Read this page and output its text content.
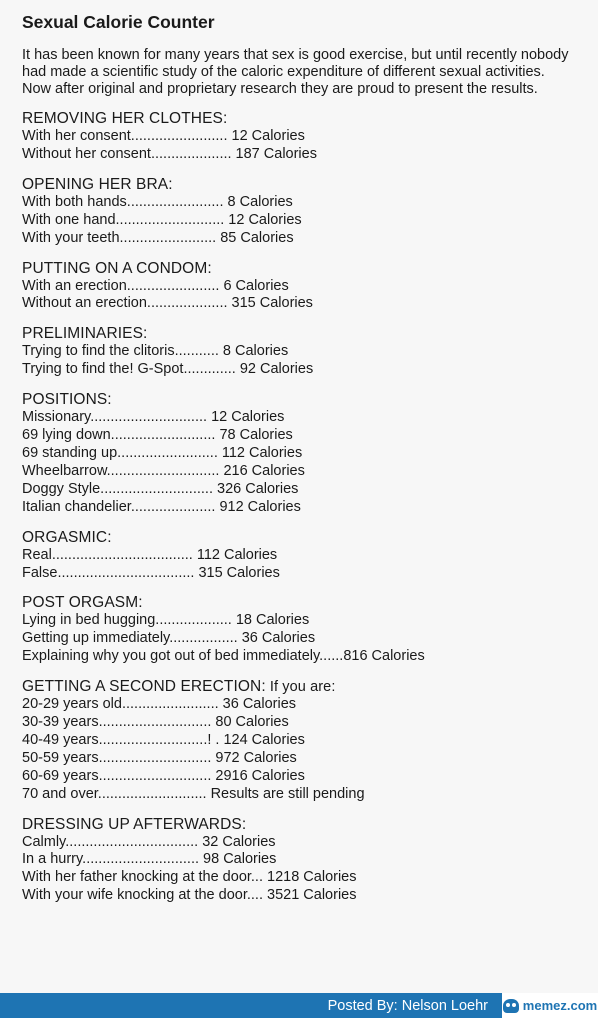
Sexual Calorie Counter
It has been known for many years that sex is good exercise, but until recently nobody had made a scientific study of the caloric expenditure of different sexual activities. Now after original and proprietary research they are proud to present the results.
REMOVING HER CLOTHES:
With her consent........................ 12 Calories
Without her consent.................... 187 Calories
OPENING HER BRA:
With both hands........................ 8 Calories
With one hand........................... 12 Calories
With your teeth........................ 85 Calories
PUTTING ON A CONDOM:
With an erection....................... 6 Calories
Without an erection.................... 315 Calories
PRELIMINARIES:
Trying to find the clitoris........... 8 Calories
Trying to find the! G-Spot............. 92 Calories
POSITIONS:
Missionary............................. 12 Calories
69 lying down.......................... 78 Calories
69 standing up......................... 112 Calories
Wheelbarrow............................ 216 Calories
Doggy Style............................ 326 Calories
Italian chandelier..................... 912 Calories
ORGASMIC:
Real................................... 112 Calories
False.................................. 315 Calories
POST ORGASM:
Lying in bed hugging................... 18 Calories
Getting up immediately................. 36 Calories
Explaining why you got out of bed immediately......816 Calories
GETTING A SECOND ERECTION: If you are:
20-29 years old........................ 36 Calories
30-39 years............................ 80 Calories
40-49 years...........................! . 124 Calories
50-59 years............................ 972 Calories
60-69 years............................ 2916 Calories
70 and over........................... Results are still pending
DRESSING UP AFTERWARDS:
Calmly................................. 32 Calories
In a hurry............................. 98 Calories
With her father knocking at the door... 1218 Calories
With your wife knocking at the door.... 3521 Calories
Posted By: Nelson Loehr	memez.com
